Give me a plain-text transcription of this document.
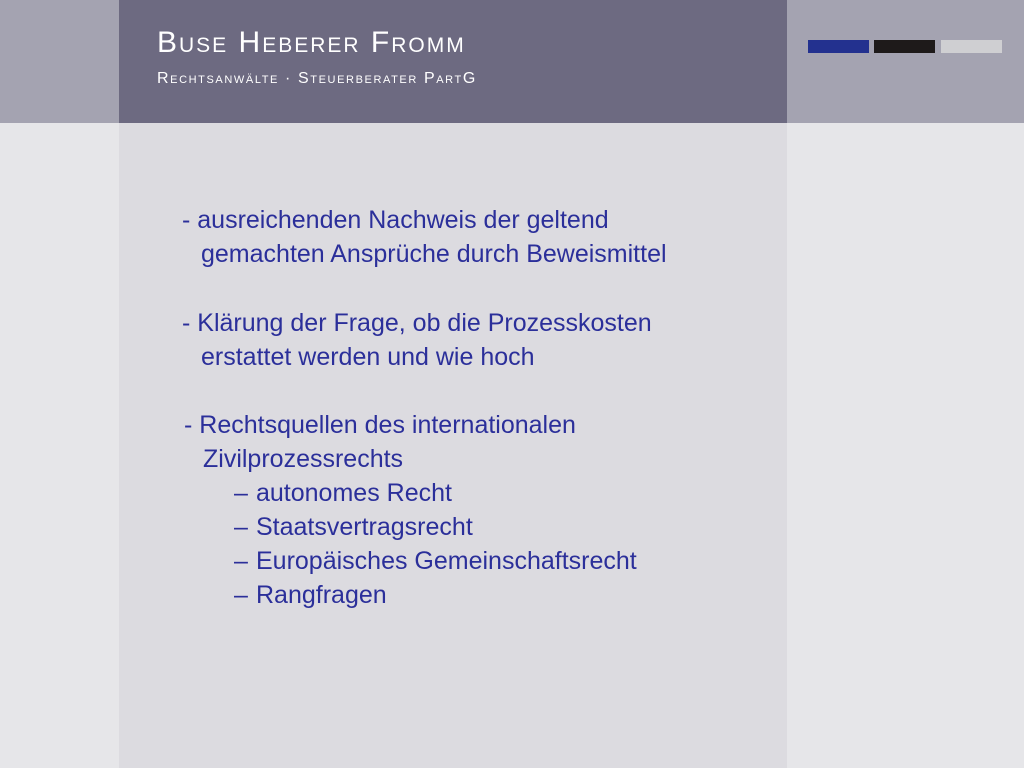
Buse Heberer Fromm

Rechtsanwälte · Steuerberater PartG

- ausreichenden Nachweis der geltend
gemachten Ansprüche durch Beweismittel
- Klärung der Frage, ob die Prozesskosten
erstattet werden und wie hoch
- Rechtsquellen des internationalen
Zivilprozessrechts
– autonomes Recht
– Staatsvertragsrecht
– Europäisches Gemeinschaftsrecht
– Rangfragen
